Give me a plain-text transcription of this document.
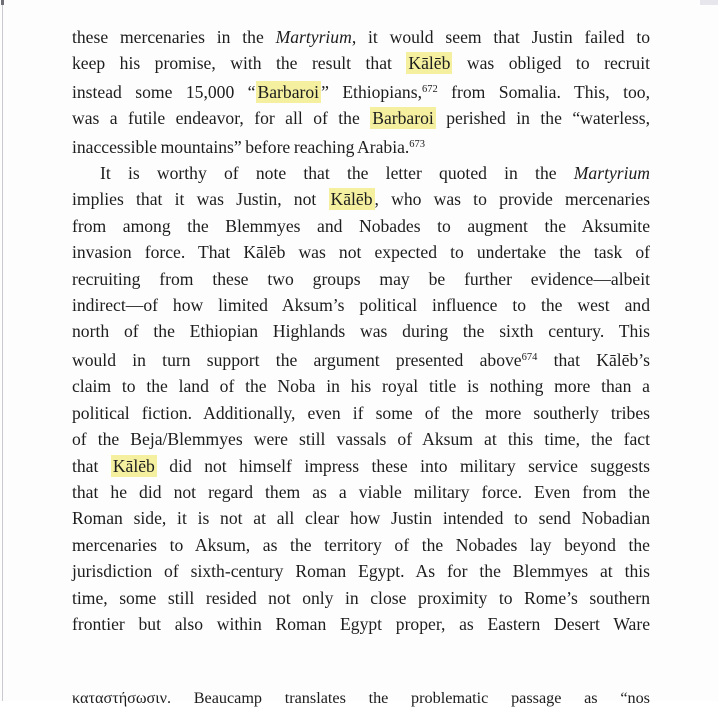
these mercenaries in the Martyrium, it would seem that Justin failed to
keep his promise, with the result that Kālēb was obliged to recruit
instead some 15,000 “ Barbaroi ” Ethiopians,$^{672}$ from Somalia. This, too,
was a futile endeavor, for all of the Barbaroi perished in the “waterless,
inaccessible mountains” before reaching Arabia.$^{673}$
It is worthy of note that the letter quoted in the Martyrium
implies that it was Justin, not Kālēb , who was to provide mercenaries
from among the Blemmyes and Nobades to augment the Aksumite
invasion force. That Kālēb was not expected to undertake the task of
recruiting from these two groups may be further evidence—albeit
indirect—of how limited Aksum’s political influence to the west and
north of the Ethiopian Highlands was during the sixth century. This
would in turn support the argument presented above$^{674}$ that Kālēb’s
claim to the land of the Noba in his royal title is nothing more than a
political fiction. Additionally, even if some of the more southerly tribes
of the Beja/Blemmyes were still vassals of Aksum at this time, the fact
that Kālēb did not himself impress these into military service suggests
that he did not regard them as a viable military force. Even from the
Roman side, it is not at all clear how Justin intended to send Nobadian
mercenaries to Aksum, as the territory of the Nobades lay beyond the
jurisdiction of sixth-century Roman Egypt. As for the Blemmyes at this
time, some still resided not only in close proximity to Rome’s southern
frontier but also within Roman Egypt proper, as Eastern Desert Ware
καταστήσωσιν. Beaucamp translates the problematic passage as “nos
